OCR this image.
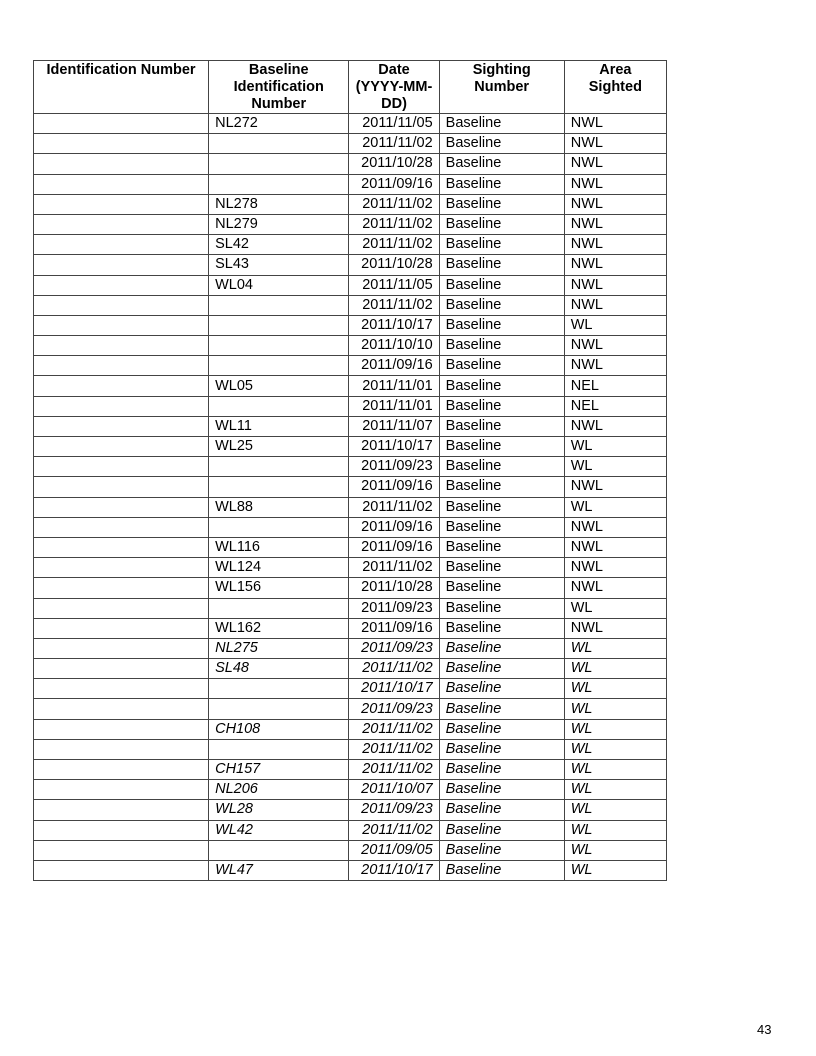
Identification Number	Baseline Identification Number	Date (YYYY-MM-DD)	Sighting Number	Area Sighted
	NL272	2011/11/05	Baseline	NWL
		2011/11/02	Baseline	NWL
		2011/10/28	Baseline	NWL
		2011/09/16	Baseline	NWL
	NL278	2011/11/02	Baseline	NWL
	NL279	2011/11/02	Baseline	NWL
	SL42	2011/11/02	Baseline	NWL
	SL43	2011/10/28	Baseline	NWL
	WL04	2011/11/05	Baseline	NWL
		2011/11/02	Baseline	NWL
		2011/10/17	Baseline	WL
		2011/10/10	Baseline	NWL
		2011/09/16	Baseline	NWL
	WL05	2011/11/01	Baseline	NEL
		2011/11/01	Baseline	NEL
	WL11	2011/11/07	Baseline	NWL
	WL25	2011/10/17	Baseline	WL
		2011/09/23	Baseline	WL
		2011/09/16	Baseline	NWL
	WL88	2011/11/02	Baseline	WL
		2011/09/16	Baseline	NWL
	WL116	2011/09/16	Baseline	NWL
	WL124	2011/11/02	Baseline	NWL
	WL156	2011/10/28	Baseline	NWL
		2011/09/23	Baseline	WL
	WL162	2011/09/16	Baseline	NWL
	NL275	2011/09/23	Baseline	WL
	SL48	2011/11/02	Baseline	WL
		2011/10/17	Baseline	WL
		2011/09/23	Baseline	WL
	CH108	2011/11/02	Baseline	WL
		2011/11/02	Baseline	WL
	CH157	2011/11/02	Baseline	WL
	NL206	2011/10/07	Baseline	WL
	WL28	2011/09/23	Baseline	WL
	WL42	2011/11/02	Baseline	WL
		2011/09/05	Baseline	WL
	WL47	2011/10/17	Baseline	WL
43
